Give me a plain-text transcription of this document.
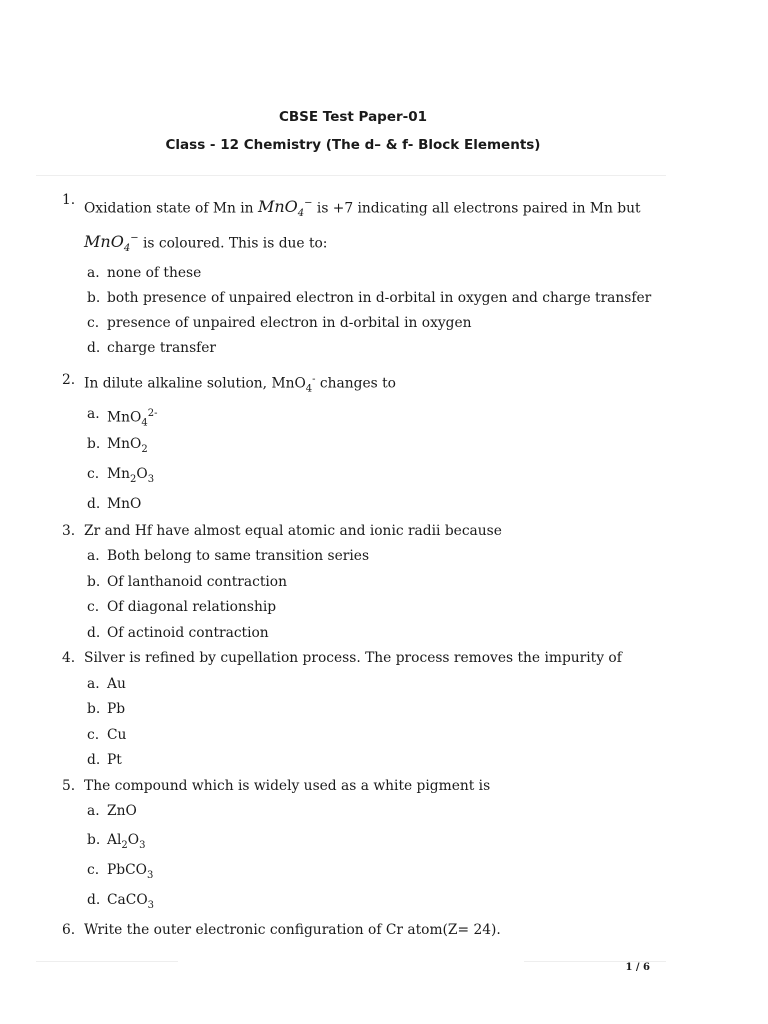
CBSE Test Paper-01
Class - 12 Chemistry (The d– & f- Block Elements)
1.
Oxidation state of Mn in MnO$_4$− is +7 indicating all electrons paired in Mn but
MnO$_4$− is coloured. This is due to:
a. none of these
b. both presence of unpaired electron in d-orbital in oxygen and charge transfer
c. presence of unpaired electron in d-orbital in oxygen
d. charge transfer
2. In dilute alkaline solution, MnO$_4$- changes to
a. MnO$_4^{2-}$
b. MnO$_2$
c. $Mn_2O_3$
d. MnO
3. Zr and Hf have almost equal atomic and ionic radii because
a. Both belong to same transition series
b. Of lanthanoid contraction
c. Of diagonal relationship
d. Of actinoid contraction
4. Silver is refined by cupellation process. The process removes the impurity of
a. Au
b. Pb
c. Cu
d. Pt
5. The compound which is widely used as a white pigment is
a. ZnO
b. $Al_2O_3$
c. PbCO$_3$
d. CaCO$_3$
6. Write the outer electronic configuration of Cr atom(Z= 24).
1 / 6
